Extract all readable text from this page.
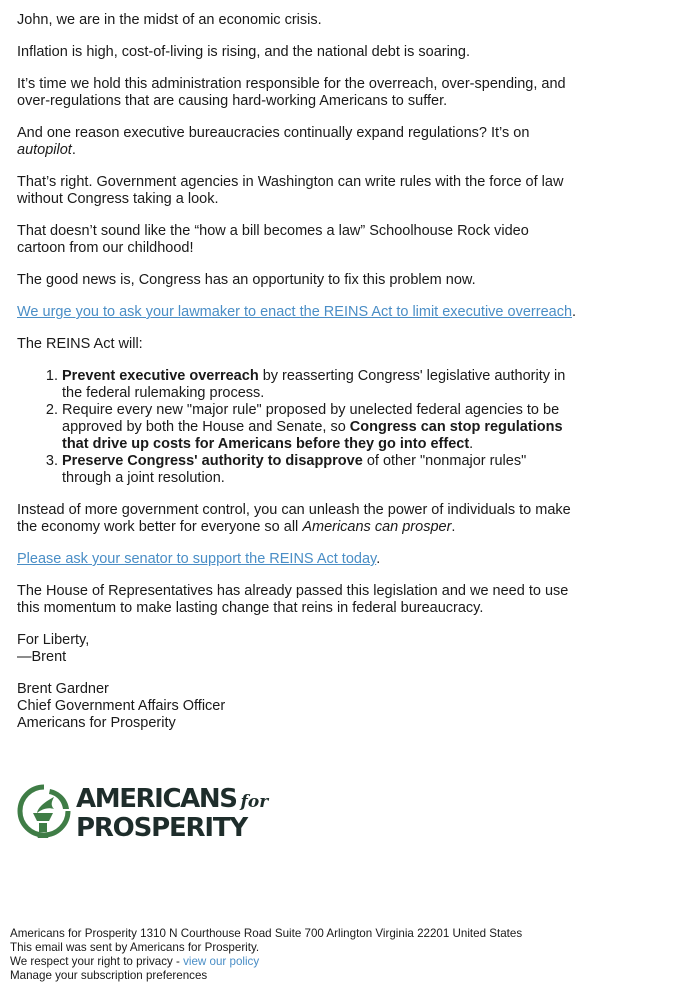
John, we are in the midst of an economic crisis.

Inflation is high, cost-of-living is rising, and the national debt is soaring.

It’s time we hold this administration responsible for the overreach, over-spending, and over-regulations that are causing hard-working Americans to suffer.

And one reason executive bureaucracies continually expand regulations? It’s on autopilot.

That’s right. Government agencies in Washington can write rules with the force of law without Congress taking a look.

That doesn’t sound like the “how a bill becomes a law” Schoolhouse Rock video cartoon from our childhood!

The good news is, Congress has an opportunity to fix this problem now.

We urge you to ask your lawmaker to enact the REINS Act to limit executive overreach.

The REINS Act will:

1. Prevent executive overreach by reasserting Congress' legislative authority in the federal rulemaking process.
2. Require every new "major rule" proposed by unelected federal agencies to be approved by both the House and Senate, so Congress can stop regulations that drive up costs for Americans before they go into effect.
3. Preserve Congress' authority to disapprove of other "nonmajor rules" through a joint resolution.

Instead of more government control, you can unleash the power of individuals to make the economy work better for everyone so all Americans can prosper.

Please ask your senator to support the REINS Act today.

The House of Representatives has already passed this legislation and we need to use this momentum to make lasting change that reins in federal bureaucracy.

For Liberty,
—Brent

Brent Gardner
Chief Government Affairs Officer
Americans for Prosperity

AMERICANS for
PROSPERITY
Americans for Prosperity 1310 N Courthouse Road Suite 700 Arlington Virginia 22201 United States
This email was sent by Americans for Prosperity.
We respect your right to privacy - view our policy
Manage your subscription preferences
